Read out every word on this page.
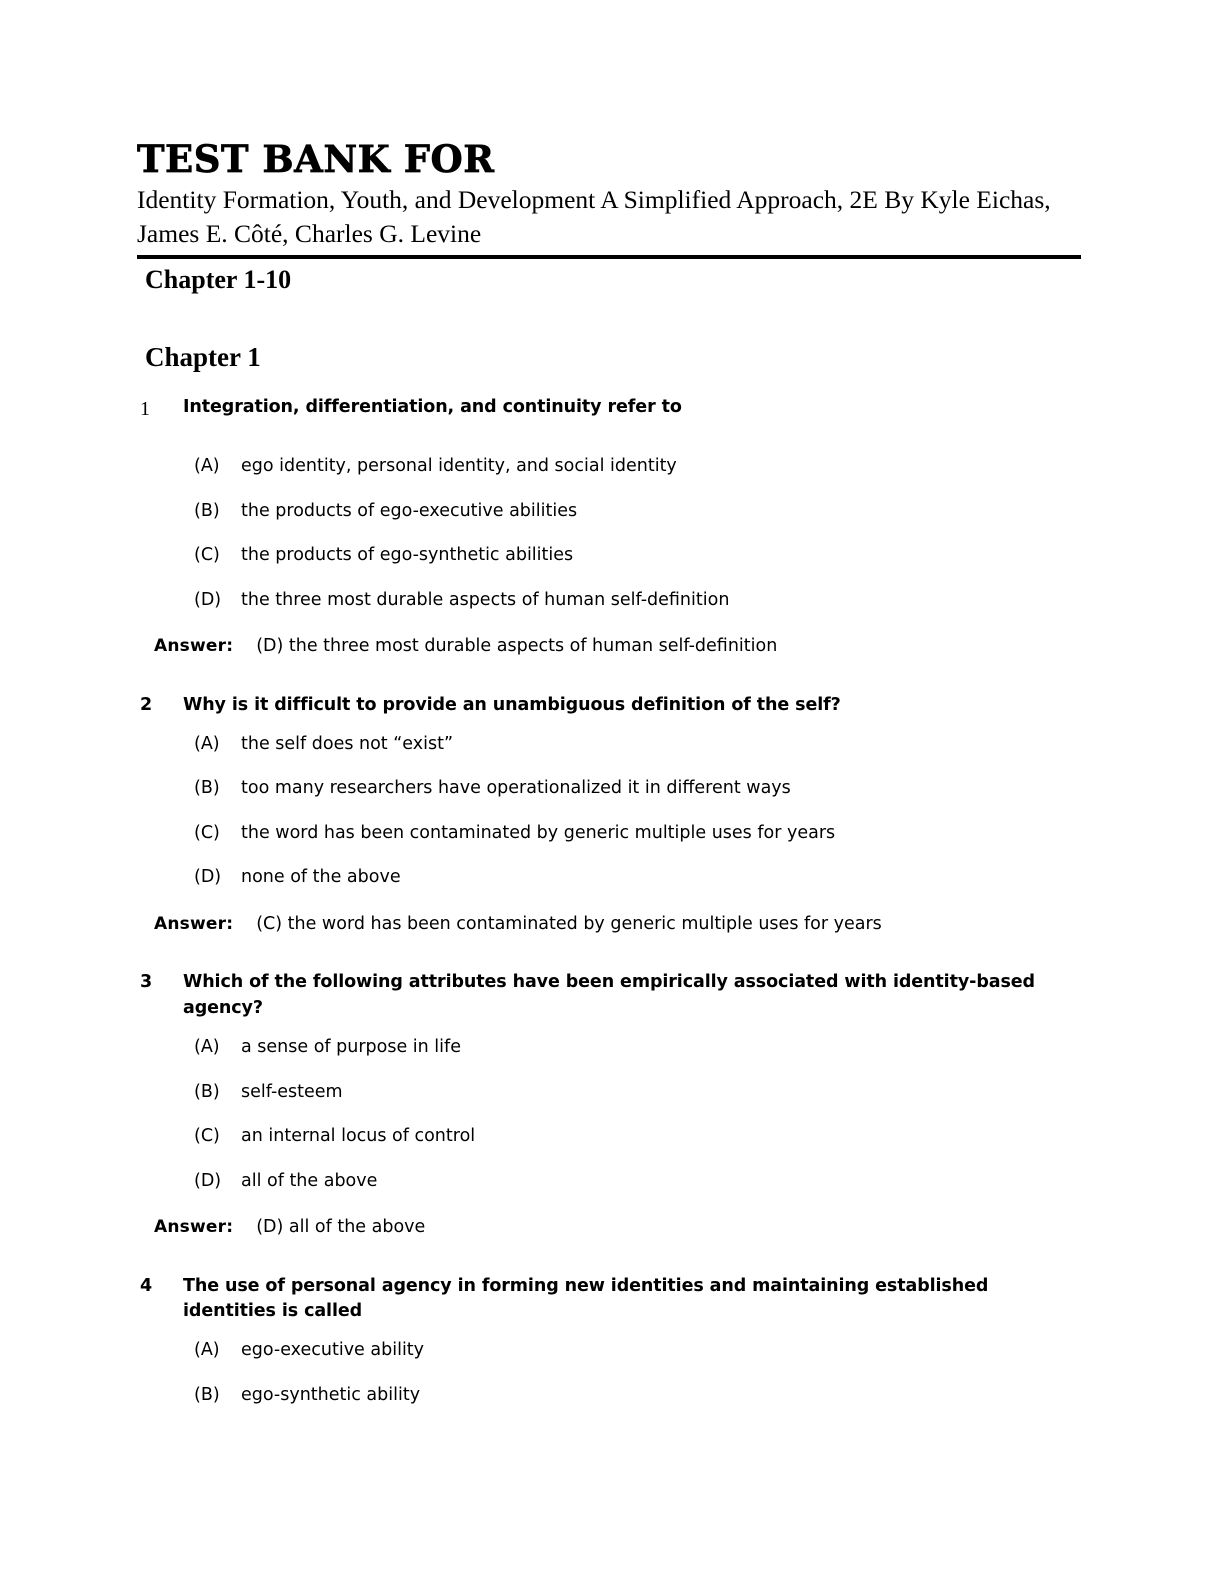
TEST BANK FOR

Identity Formation, Youth, and Development A Simplified Approach, 2E By Kyle Eichas, James E. Côté, Charles G. Levine

Chapter 1-10
Chapter 1
1	Integration, differentiation, and continuity refer to
(A)	ego identity, personal identity, and social identity
(B)	the products of ego-executive abilities
(C)	the products of ego-synthetic abilities
(D)	the three most durable aspects of human self-definition
Answer: (D) the three most durable aspects of human self-definition
2	Why is it difficult to provide an unambiguous definition of the self?
(A)	the self does not “exist”
(B)	too many researchers have operationalized it in different ways
(C)	the word has been contaminated by generic multiple uses for years
(D)	none of the above
Answer: (C) the word has been contaminated by generic multiple uses for years
3	Which of the following attributes have been empirically associated with identity-based agency?
(A)	a sense of purpose in life
(B)	self-esteem
(C)	an internal locus of control
(D)	all of the above
Answer: (D) all of the above
4	The use of personal agency in forming new identities and maintaining established identities is called
(A)	ego-executive ability
(B)	ego-synthetic ability
